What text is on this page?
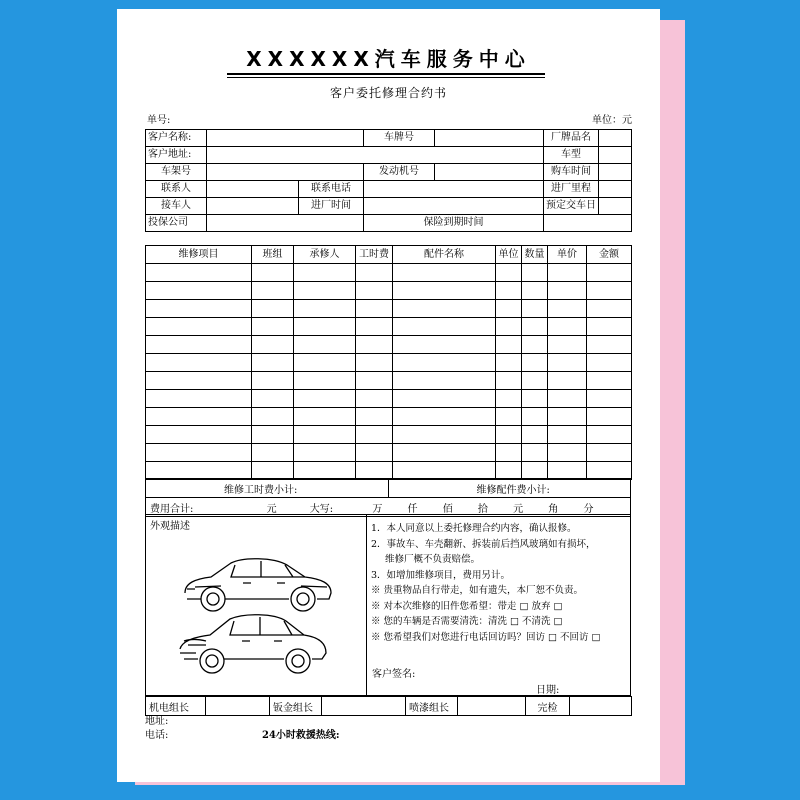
XXXXXX汽车服务中心
客户委托修理合约书
单号:	单位：元
客户名称:			车牌号		厂牌品名	
客户地址:					车型	
车架号			发动机号		购车时间	
联系人		联系电话			进厂里程	
接车人		进厂时间			预定交车日	
投保公司			保险到期时间			
维修项目	班组	承修人	工时费	配件名称	单位	数量	单价	金额

维修工时费小计:	维修配件费小计:
费用合计:	元	大写:	万	仟	佰	拾	元	角	分
外观描述	1．本人同意以上委托修理合约内容，确认报修。
2．事故车、车壳翻新、拆装前后挡风玻璃如有损坏，
维修厂概不负责赔偿。
3．如增加维修项目，费用另计。
※ 贵重物品自行带走，如有遗失，本厂恕不负责。
※ 对本次维修的旧件您希望：带走 □ 放弃 □
※ 您的车辆是否需要清洗：清洗 □ 不清洗 □
※ 您希望我们对您进行电话回访吗？回访 □ 不回访 □
客户签名:
日期:
机电组长		钣金组长		喷漆组长		完检	
地址:
电话:	24小时救援热线:
